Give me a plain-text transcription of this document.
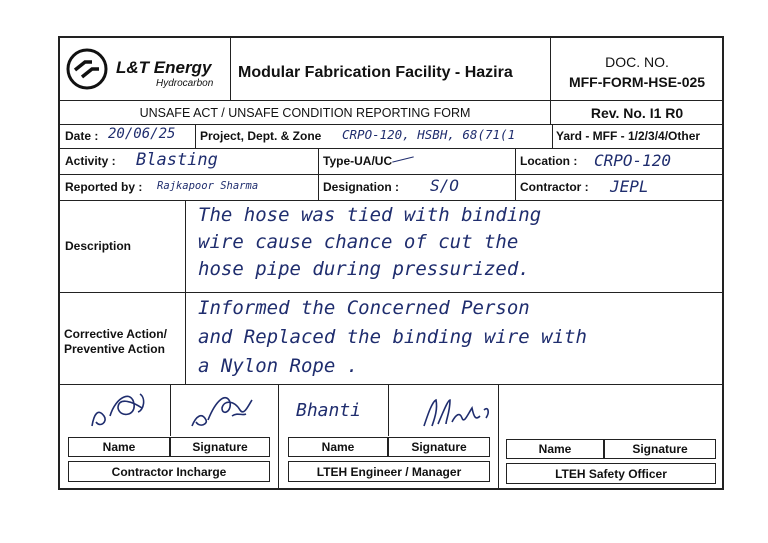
L&T Energy
Hydrocarbon
Modular Fabrication Facility - Hazira
DOC. NO.
MFF-FORM-HSE-025
UNSAFE ACT / UNSAFE CONDITION REPORTING FORM	Rev. No. I1 R0
Date : 20/06/25 Project, Dept. & Zone CRPO-120, HSBH, 68(71(1	Yard - MFF - 1/2/3/4/Other
Activity : Blasting	Type-UA/UC	Location : CRPO-120
Reported by : Rajkapoor Sharma	Designation : S/O	Contractor : JEPL
Description
The hose was tied with binding
wire cause chance of cut the
hose pipe during pressurized.
Corrective Action/
Preventive Action
Informed the Concerned Person
and Replaced the binding wire with
a Nylon Rope .
Bhanti
Name	Signature
Contractor Incharge
Name	Signature
LTEH Engineer / Manager
Name	Signature
LTEH Safety Officer
